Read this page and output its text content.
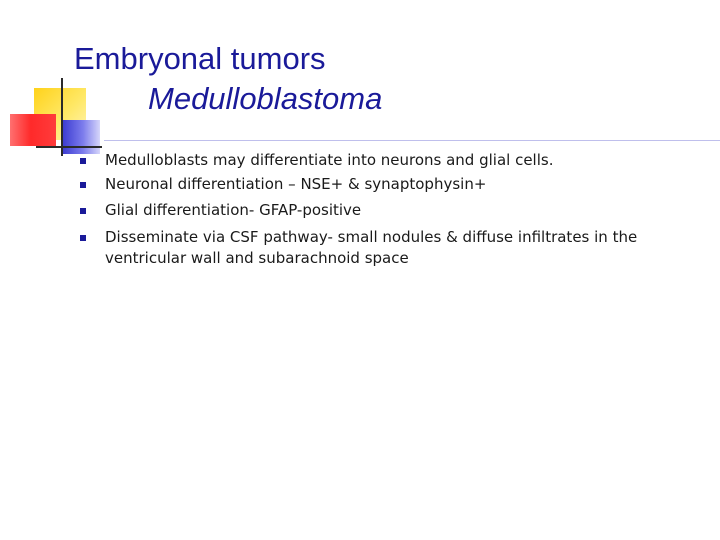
Embryonal tumors
Medulloblastoma
Medulloblasts may differentiate into neurons and glial cells.
Neuronal differentiation – NSE+ & synaptophysin+
Glial differentiation- GFAP-positive
Disseminate via CSF pathway- small nodules & diffuse infiltrates in the ventricular wall and subarachnoid space
